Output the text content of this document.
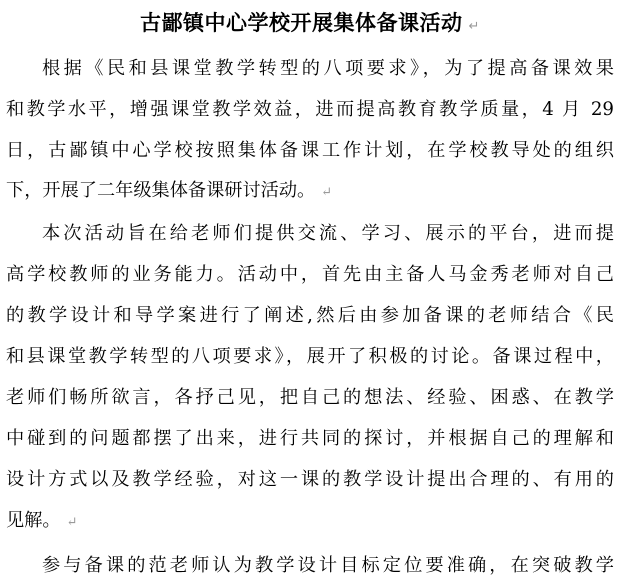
古鄙镇中心学校开展集体备课活动 ↵
根据《民和县课堂教学转型的八项要求》，为了提高备课效果
和教学水平，增强课堂教学效益，进而提高教育教学质量，4 月 29
日，古鄙镇中心学校按照集体备课工作计划，在学校教导处的组织
下，开展了二年级集体备课研讨活动。 ↵
本次活动旨在给老师们提供交流、学习、展示的平台，进而提
高学校教师的业务能力。活动中，首先由主备人马金秀老师对自己
的教学设计和导学案进行了阐述,然后由参加备课的老师结合《民
和县课堂教学转型的八项要求》，展开了积极的讨论。备课过程中，
老师们畅所欲言，各抒己见，把自己的想法、经验、困惑、在教学
中碰到的问题都摆了出来，进行共同的探讨，并根据自己的理解和
设计方式以及教学经验，对这一课的教学设计提出合理的、有用的
见解。 ↵
参与备课的范老师认为教学设计目标定位要准确，在突破教学
